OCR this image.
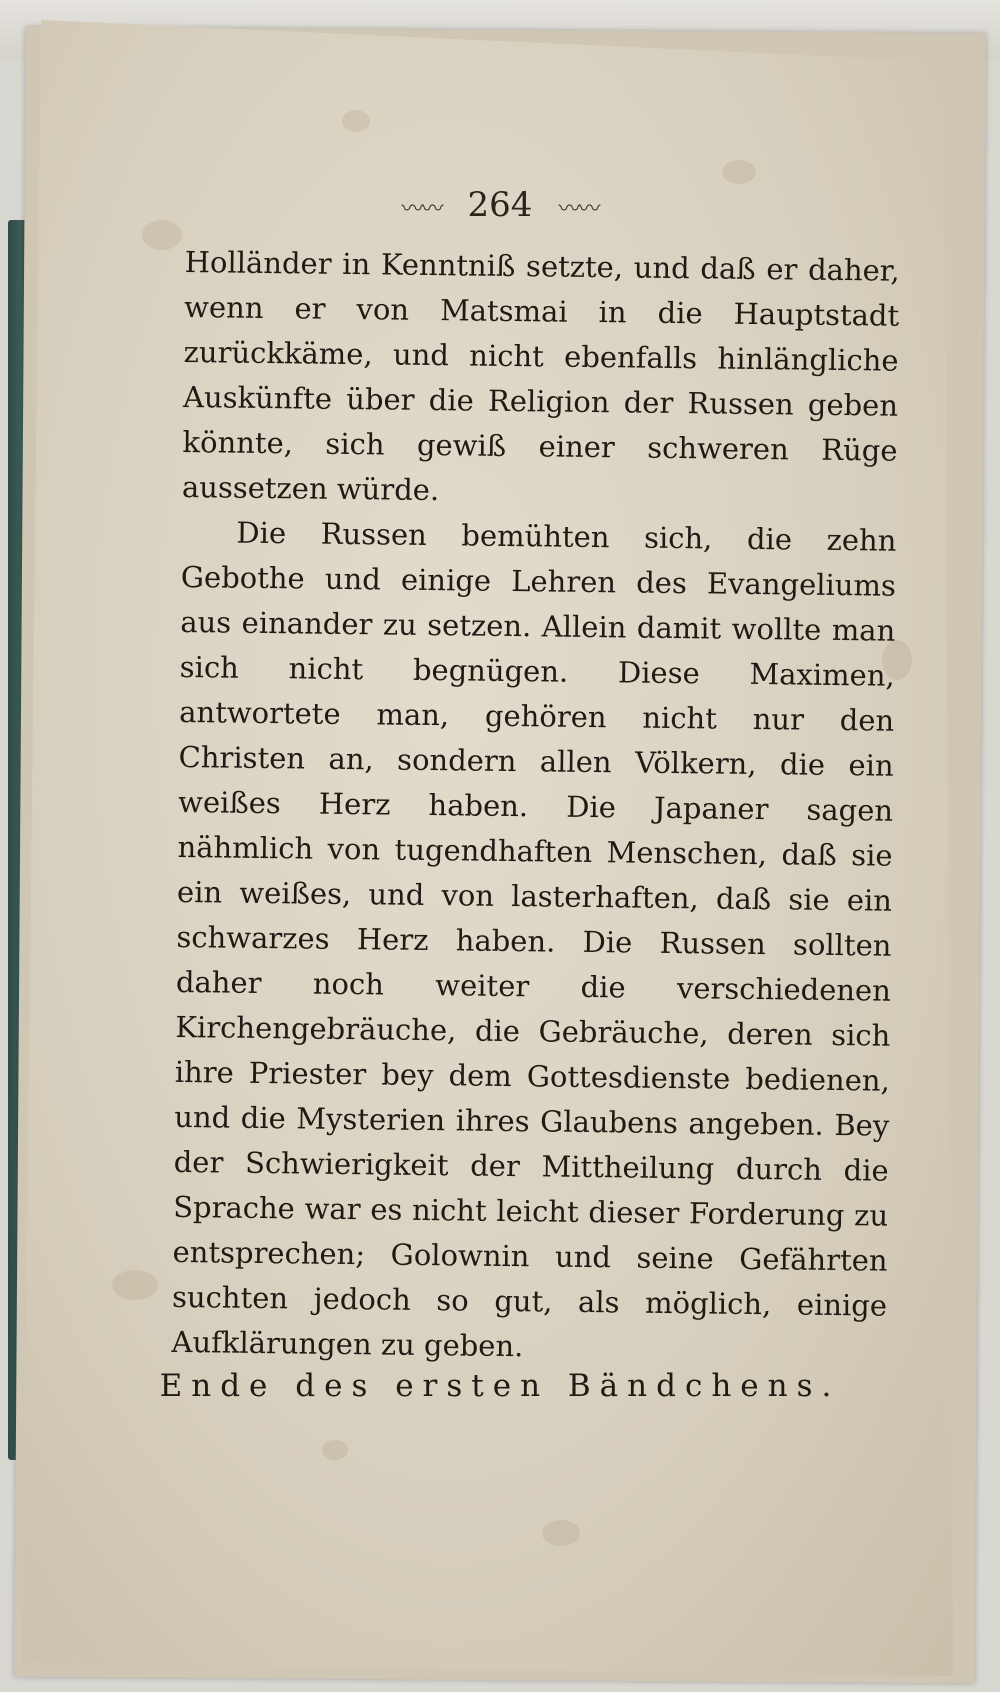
〰〰 264 〰〰

Holländer in Kenntniß setzte, und daß er daher, wenn er von Matsmai in die Hauptstadt zurückkäme, und nicht ebenfalls hinlängliche Auskünfte über die Religion der Russen geben könnte, sich gewiß einer schweren Rüge aussetzen würde.

Die Russen bemühten sich, die zehn Gebothe und einige Lehren des Evangeliums aus einander zu setzen. Allein damit wollte man sich nicht begnügen. Diese Maximen, antwortete man, gehören nicht nur den Christen an, sondern allen Völkern, die ein weißes Herz haben. Die Japaner sagen nähmlich von tugendhaften Menschen, daß sie ein weißes, und von lasterhaften, daß sie ein schwarzes Herz haben. Die Russen sollten daher noch weiter die verschiedenen Kirchengebräuche, die Gebräuche, deren sich ihre Priester bey dem Gottesdienste bedienen, und die Mysterien ihres Glaubens angeben. Bey der Schwierigkeit der Mittheilung durch die Sprache war es nicht leicht dieser Forderung zu entsprechen; Golownin und seine Gefährten suchten jedoch so gut, als möglich, einige Aufklärungen zu geben.

Ende des ersten Bändchens.
